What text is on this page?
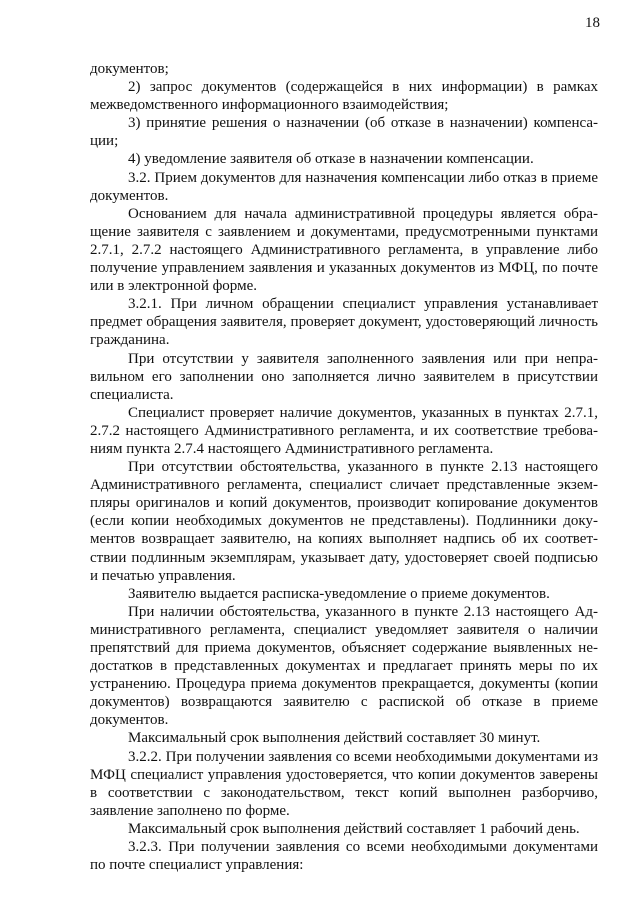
18

документов;

2) запрос документов (содержащейся в них информации) в рамках межведомственного информационного взаимодействия;

3) принятие решения о назначении (об отказе в назначении) компенсации;

4) уведомление заявителя об отказе в назначении компенсации.

3.2. Прием документов для назначения компенсации либо отказ в приеме документов.

Основанием для начала административной процедуры является обращение заявителя с заявлением и документами, предусмотренными пунктами 2.7.1, 2.7.2 настоящего Административного регламента, в управление либо получение управлением заявления и указанных документов из МФЦ, по почте или в электронной форме.

3.2.1. При личном обращении специалист управления устанавливает предмет обращения заявителя, проверяет документ, удостоверяющий личность гражданина.

При отсутствии у заявителя заполненного заявления или при неправильном его заполнении оно заполняется лично заявителем в присутствии специалиста.

Специалист проверяет наличие документов, указанных в пунктах 2.7.1, 2.7.2 настоящего Административного регламента, и их соответствие требованиям пункта 2.7.4 настоящего Административного регламента.

При отсутствии обстоятельства, указанного в пункте 2.13 настоящего Административного регламента, специалист сличает представленные экземпляры оригиналов и копий документов, производит копирование документов (если копии необходимых документов не представлены). Подлинники документов возвращает заявителю, на копиях выполняет надпись об их соответствии подлинным экземплярам, указывает дату, удостоверяет своей подписью и печатью управления.

Заявителю выдается расписка-уведомление о приеме документов.

При наличии обстоятельства, указанного в пункте 2.13 настоящего Административного регламента, специалист уведомляет заявителя о наличии препятствий для приема документов, объясняет содержание выявленных недостатков в представленных документах и предлагает принять меры по их устранению. Процедура приема документов прекращается, документы (копии документов) возвращаются заявителю с распиской об отказе в приеме документов.

Максимальный срок выполнения действий составляет 30 минут.

3.2.2. При получении заявления со всеми необходимыми документами из МФЦ специалист управления удостоверяется, что копии документов заверены в соответствии с законодательством, текст копий выполнен разборчиво, заявление заполнено по форме.

Максимальный срок выполнения действий составляет 1 рабочий день.

3.2.3. При получении заявления со всеми необходимыми документами по почте специалист управления:
